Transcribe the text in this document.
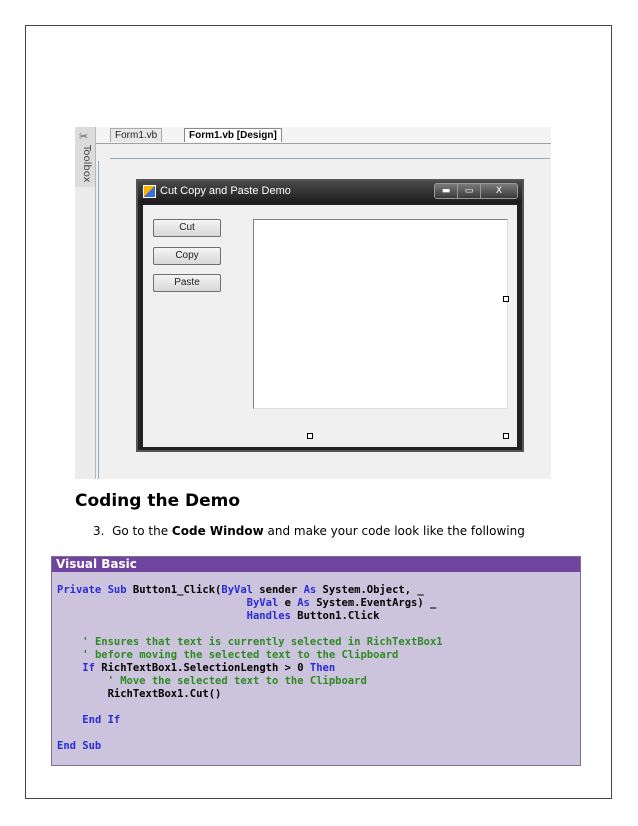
✂
Toolbox
Form1.vb	Form1.vb [Design]
Cut Copy and Paste Demo	▬	▭	X
Cut
Copy
Paste
Coding the Demo
3. Go to the Code Window and make your code look like the following
Visual Basic
Private Sub Button1_Click(ByVal sender As System.Object, _
ByVal e As System.EventArgs) _
Handles Button1.Click
' Ensures that text is currently selected in RichTextBox1
' before moving the selected text to the Clipboard
If RichTextBox1.SelectionLength > 0 Then
' Move the selected text to the Clipboard
RichTextBox1.Cut()
End If
End Sub
